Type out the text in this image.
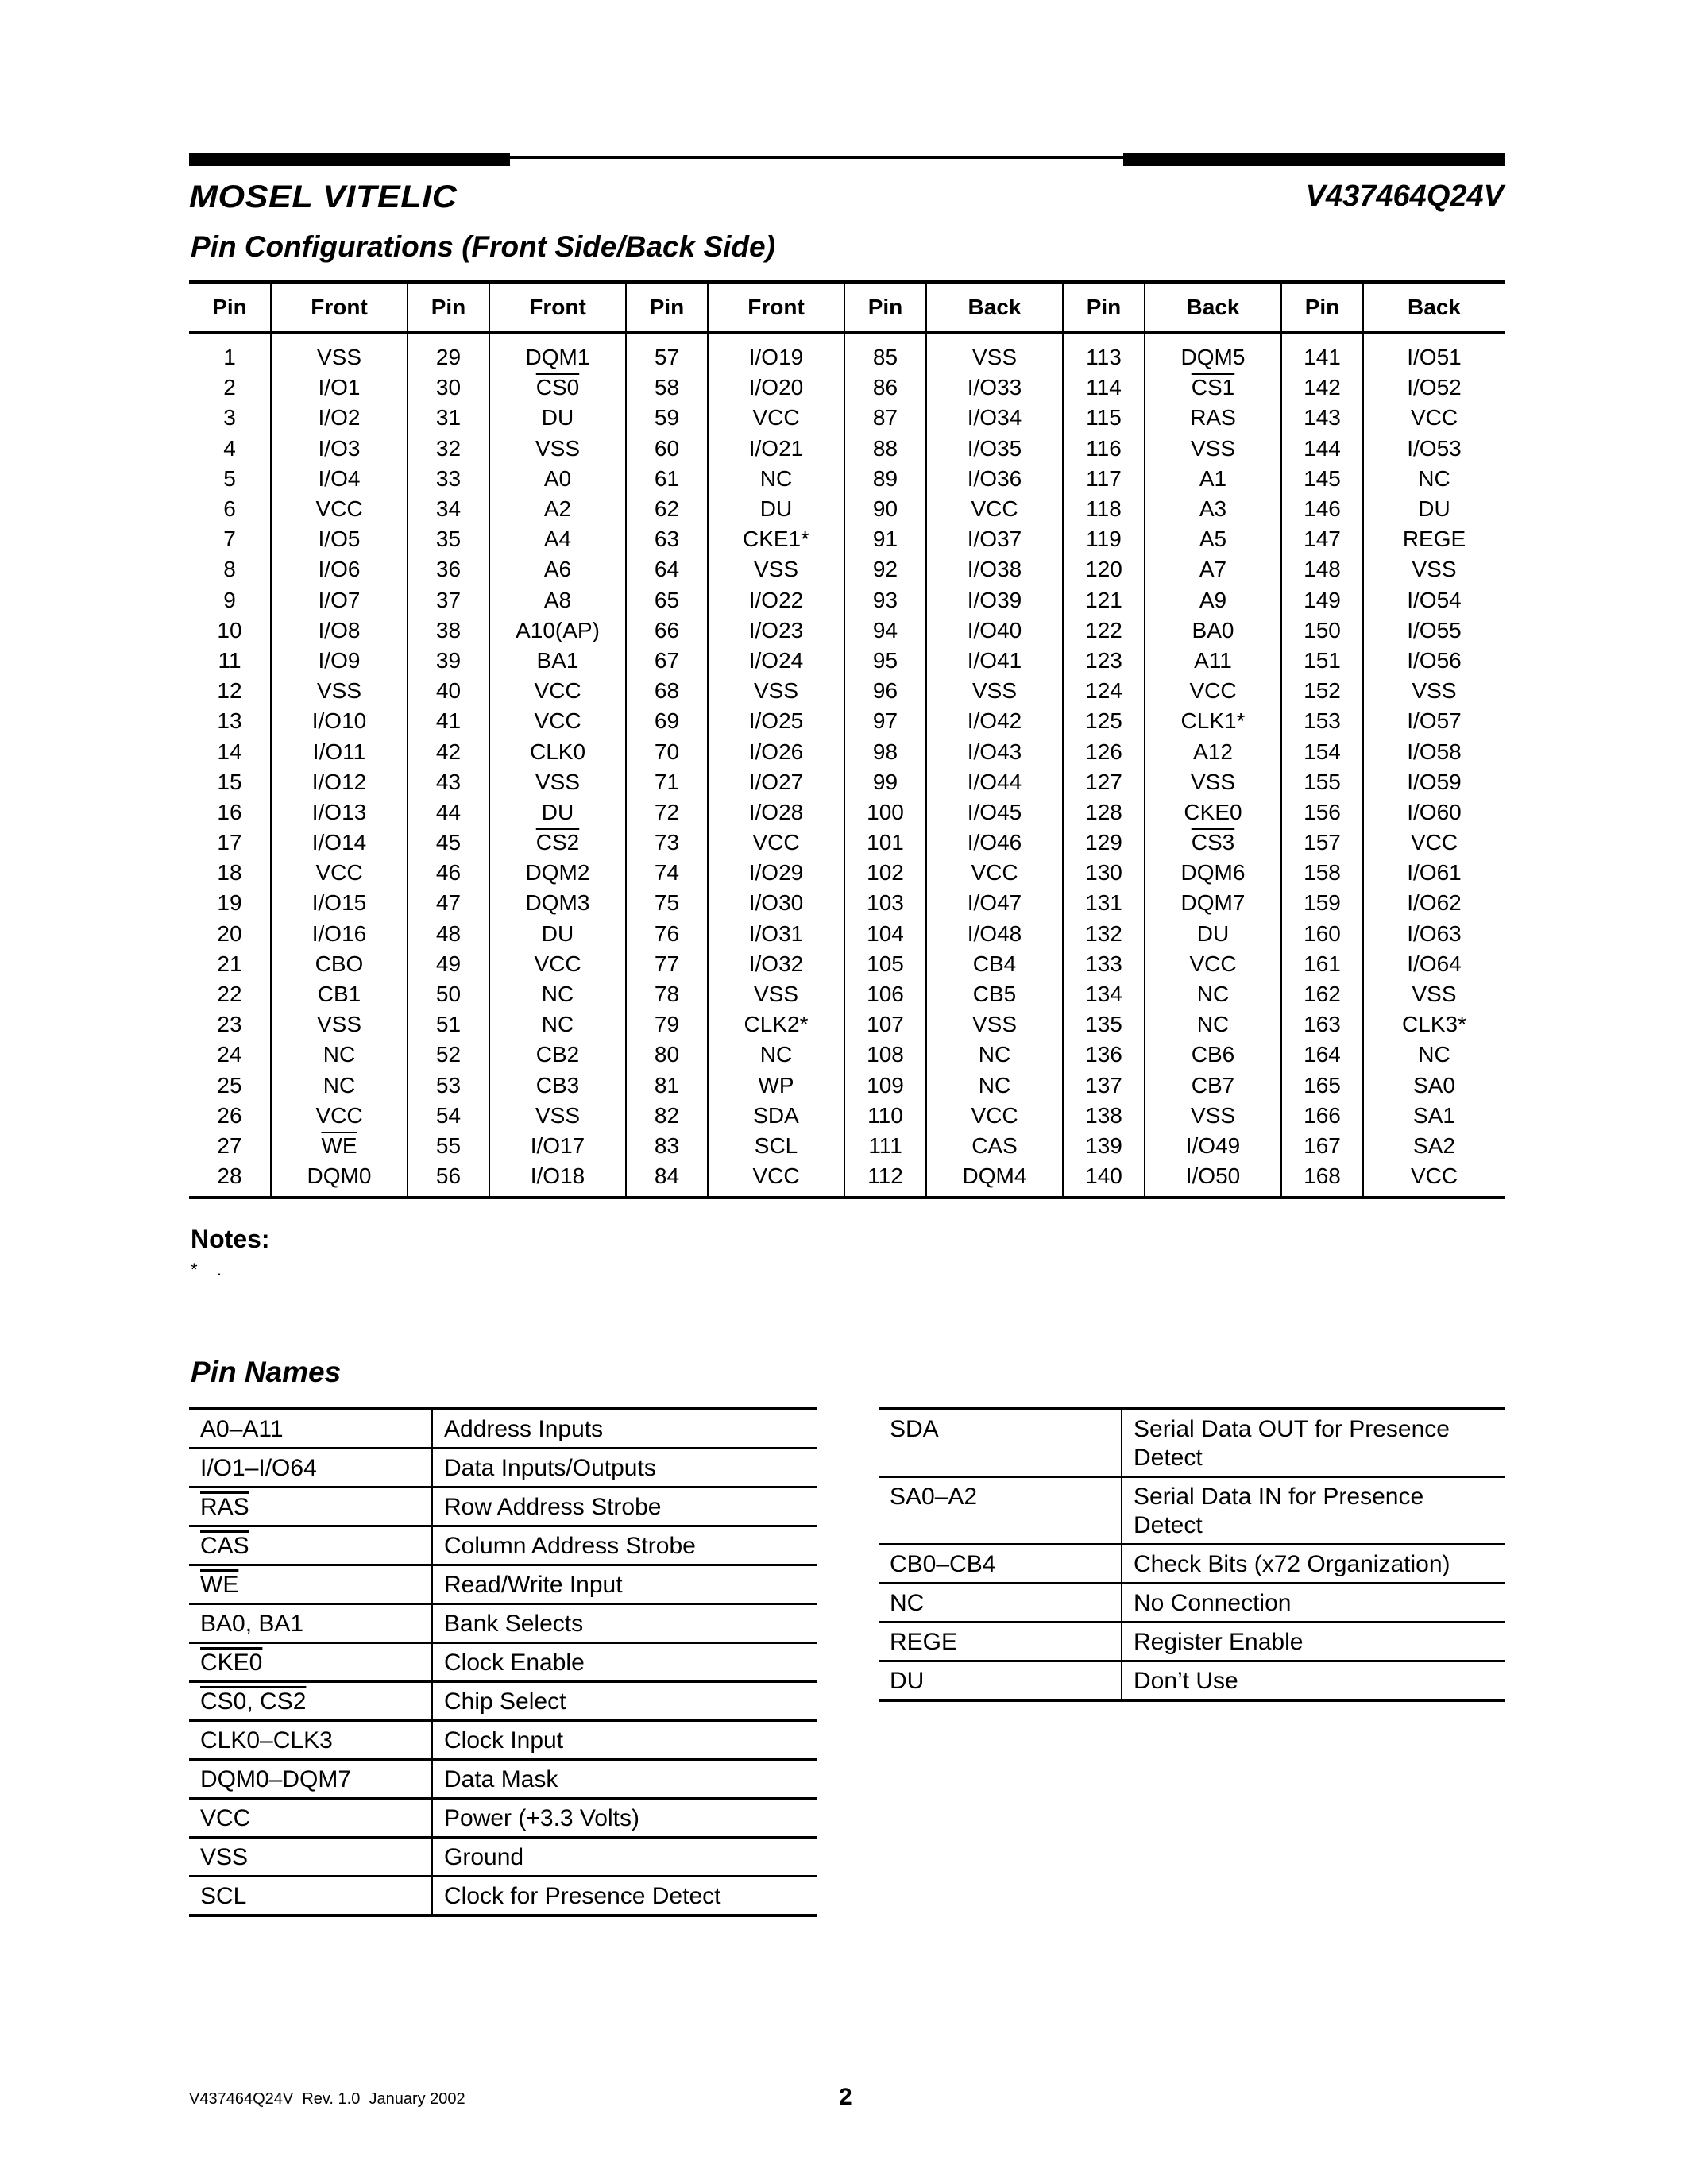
MOSEL VITELIC	V437464Q24V
Pin Configurations (Front Side/Back Side)
Pin	Front	Pin	Front	Pin	Front	Pin	Back	Pin	Back	Pin	Back
1	VSS	29	DQM1	57	I/O19	85	VSS	113	DQM5	141	I/O51
2	I/O1	30	CS0	58	I/O20	86	I/O33	114	CS1	142	I/O52
3	I/O2	31	DU	59	VCC	87	I/O34	115	RAS	143	VCC
4	I/O3	32	VSS	60	I/O21	88	I/O35	116	VSS	144	I/O53
5	I/O4	33	A0	61	NC	89	I/O36	117	A1	145	NC
6	VCC	34	A2	62	DU	90	VCC	118	A3	146	DU
7	I/O5	35	A4	63	CKE1*	91	I/O37	119	A5	147	REGE
8	I/O6	36	A6	64	VSS	92	I/O38	120	A7	148	VSS
9	I/O7	37	A8	65	I/O22	93	I/O39	121	A9	149	I/O54
10	I/O8	38	A10(AP)	66	I/O23	94	I/O40	122	BA0	150	I/O55
11	I/O9	39	BA1	67	I/O24	95	I/O41	123	A11	151	I/O56
12	VSS	40	VCC	68	VSS	96	VSS	124	VCC	152	VSS
13	I/O10	41	VCC	69	I/O25	97	I/O42	125	CLK1*	153	I/O57
14	I/O11	42	CLK0	70	I/O26	98	I/O43	126	A12	154	I/O58
15	I/O12	43	VSS	71	I/O27	99	I/O44	127	VSS	155	I/O59
16	I/O13	44	DU	72	I/O28	100	I/O45	128	CKE0	156	I/O60
17	I/O14	45	CS2	73	VCC	101	I/O46	129	CS3	157	VCC
18	VCC	46	DQM2	74	I/O29	102	VCC	130	DQM6	158	I/O61
19	I/O15	47	DQM3	75	I/O30	103	I/O47	131	DQM7	159	I/O62
20	I/O16	48	DU	76	I/O31	104	I/O48	132	DU	160	I/O63
21	CBO	49	VCC	77	I/O32	105	CB4	133	VCC	161	I/O64
22	CB1	50	NC	78	VSS	106	CB5	134	NC	162	VSS
23	VSS	51	NC	79	CLK2*	107	VSS	135	NC	163	CLK3*
24	NC	52	CB2	80	NC	108	NC	136	CB6	164	NC
25	NC	53	CB3	81	WP	109	NC	137	CB7	165	SA0
26	VCC	54	VSS	82	SDA	110	VCC	138	VSS	166	SA1
27	$\overline{WE}$	55	I/O17	83	SCL	111	CAS	139	I/O49	167	SA2
28	DQM0	56	I/O18	84	VCC	112	DQM4	140	I/O50	168	VCC
Notes:
*    .
Pin Names
A0–A11	Address Inputs
I/O1–I/O64	Data Inputs/Outputs
$\overline{RAS}$	Row Address Strobe
$\overline{CAS}$	Column Address Strobe
$\overline{WE}$	Read/Write Input
BA0, BA1	Bank Selects
CKE0	Clock Enable
CS0, CS2	Chip Select
CLK0–CLK3	Clock Input
DQM0–DQM7	Data Mask
VCC	Power (+3.3 Volts)
VSS	Ground
SCL	Clock for Presence Detect
SDA	Serial Data OUT for Presence Detect
SA0–A2	Serial Data IN for Presence Detect
CB0–CB4	Check Bits (x72 Organization)
NC	No Connection
REGE	Register Enable
DU	Don’t Use
V437464Q24V  Rev. 1.0  January 2002	2
